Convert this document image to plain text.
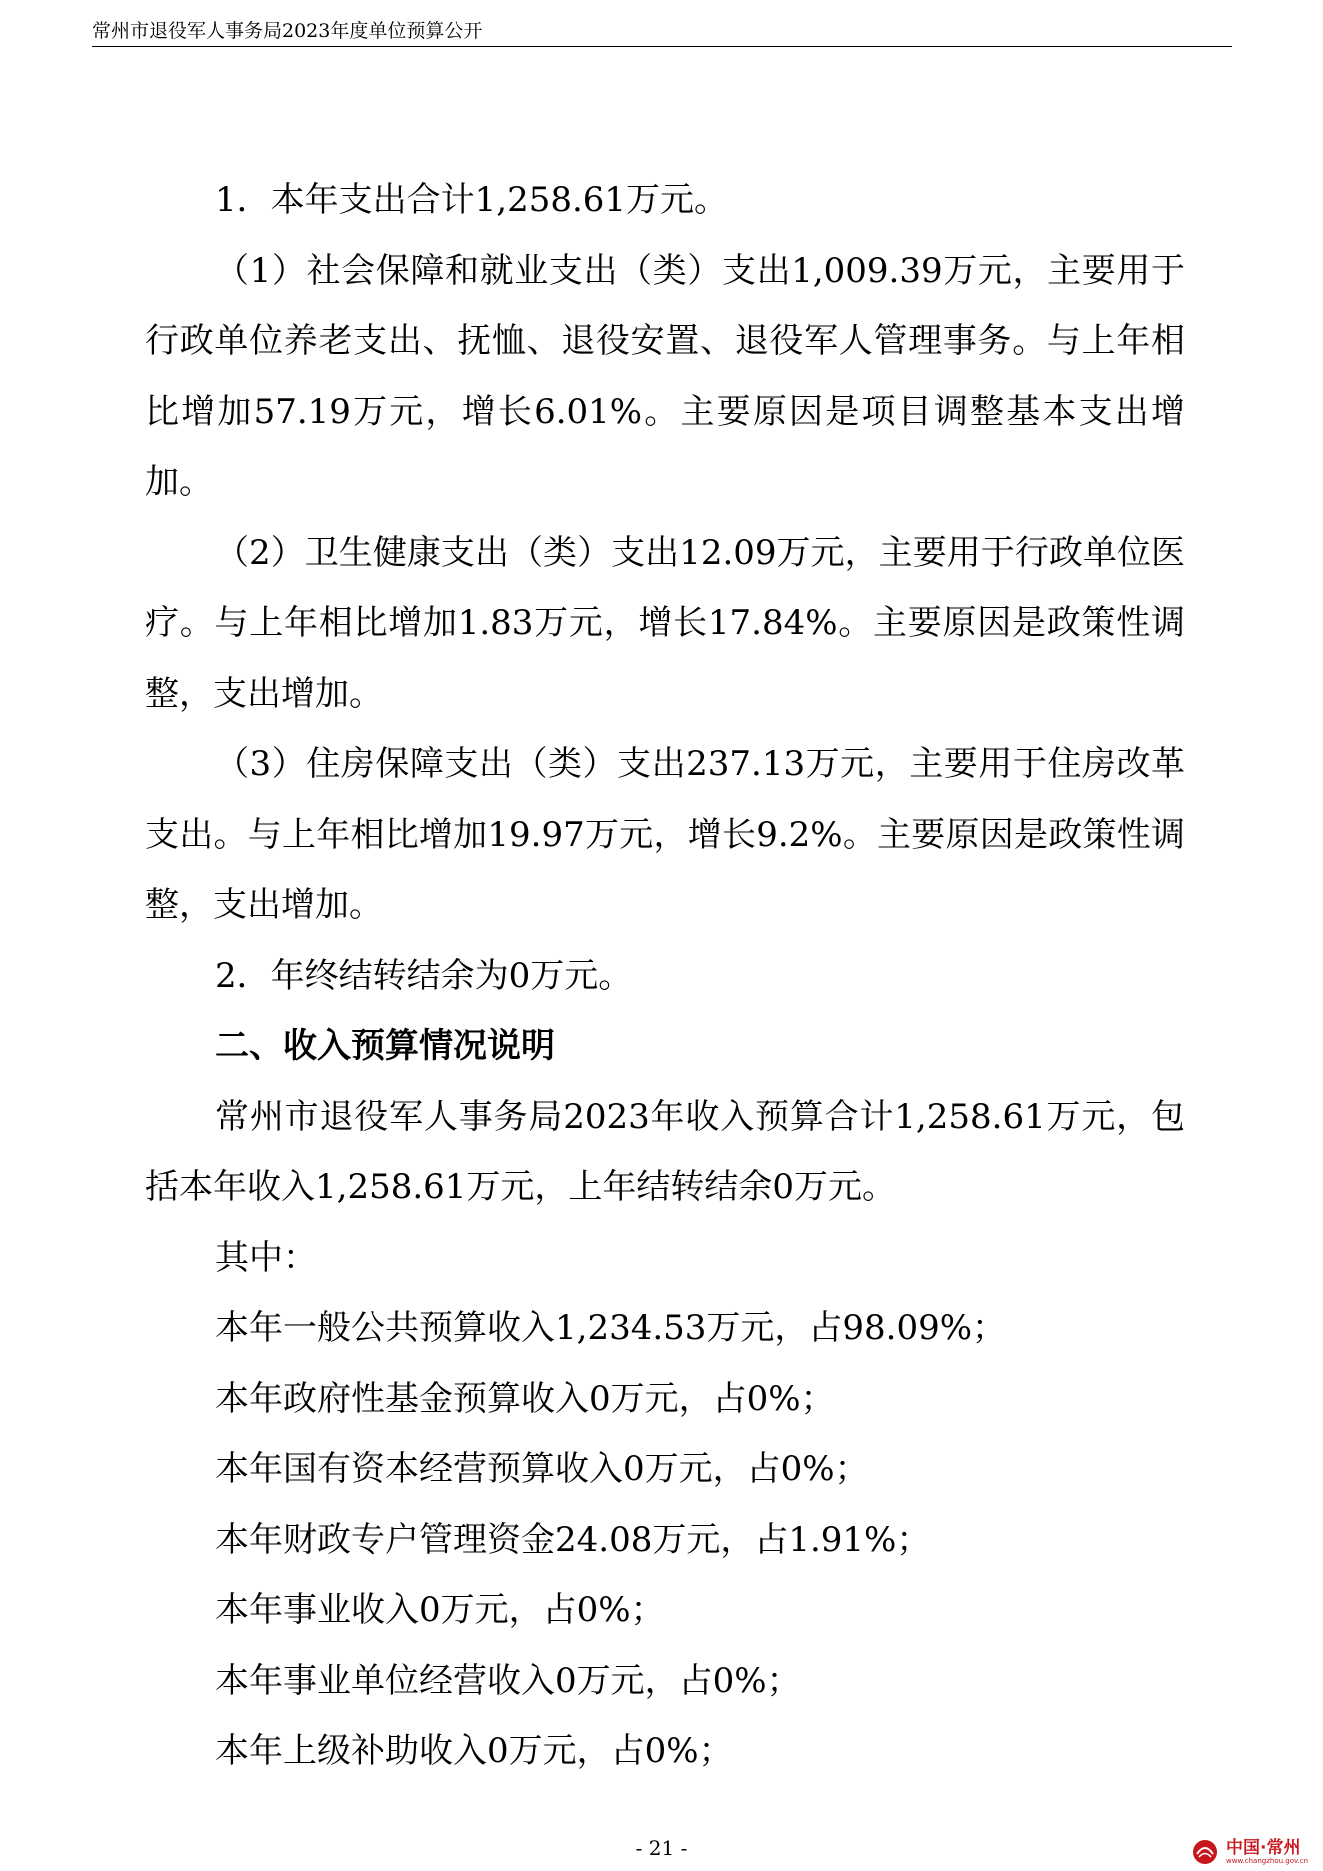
常州市退役军人事务局2023年度单位预算公开

1．本年支出合计1,258.61万元。

（1）社会保障和就业支出（类）支出1,009.39万元，主要用于行政单位养老支出、抚恤、退役安置、退役军人管理事务。与上年相比增加57.19万元，增长6.01%。主要原因是项目调整基本支出增加。

（2）卫生健康支出（类）支出12.09万元，主要用于行政单位医疗。与上年相比增加1.83万元，增长17.84%。主要原因是政策性调整，支出增加。

（3）住房保障支出（类）支出237.13万元，主要用于住房改革支出。与上年相比增加19.97万元，增长9.2%。主要原因是政策性调整，支出增加。

2．年终结转结余为0万元。

二、收入预算情况说明

常州市退役军人事务局2023年收入预算合计1,258.61万元，包括本年收入1,258.61万元，上年结转结余0万元。

其中：

本年一般公共预算收入1,234.53万元，占98.09%；

本年政府性基金预算收入0万元，占0%；

本年国有资本经营预算收入0万元，占0%；

本年财政专户管理资金24.08万元，占1.91%；

本年事业收入0万元，占0%；

本年事业单位经营收入0万元，占0%；

本年上级补助收入0万元，占0%；

- 21 -	中国·常州
www.changzhou.gov.cn
